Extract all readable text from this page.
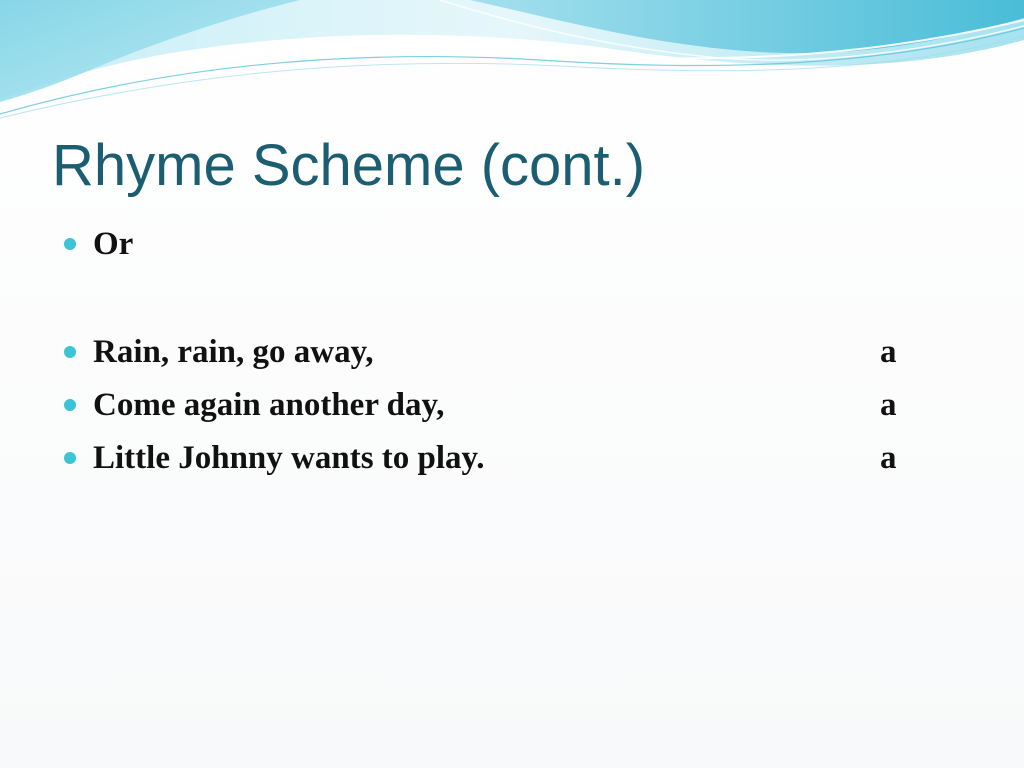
Rhyme Scheme (cont.)
Or
Rain, rain, go away,	a
Come again another day,	a
Little Johnny wants to play.	a
